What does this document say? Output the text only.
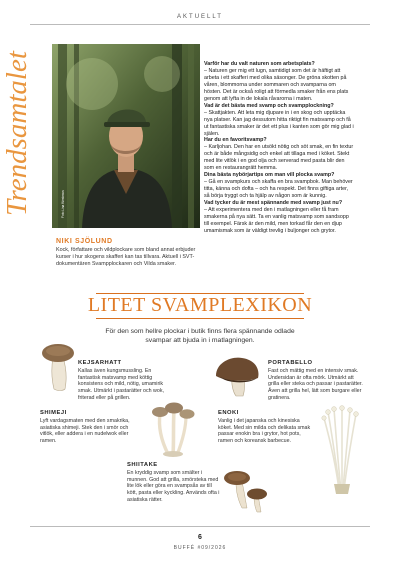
AKTUELLT
Trendsamtalet	Foto Lina Westman
NIKI SJÖLUND
Kock, författare och vildplockare som bland annat erbjuder kurser i hur skogens skafferi kan tas tillvara. Aktuell i SVT-dokumentären Svampplockaren och Vilda smaker.

Varför har du valt naturen som arbetsplats?

– Naturen ger mig ett lugn, samtidigt som det är häftigt att arbeta i ett skafferi med olika säsonger. De gröna skotten på våren, blommorna under sommaren och svamparna om hösten. Det är också roligt att förmedla smaker från ens plats genom att lyfta in de lokala råvarorna i maten.

Vad är det bästa med svamp och svampplockning?

– Skattjakten. Att leta mig djupare in i en skog och upptäcka nya platser. Kan jag dessutom hitta riktigt fin matsvamp och få ut fantastiska smaker är det ett plus i kanten som gör mig glad i själen.

Har du en favoritsvamp?

– Karljohan. Den har en utsökt nötig och söt smak, en fin textur och är både mångsidig och enkel att tillaga med i köket. Stekt med lite vitlök i en god olja och serverad med pasta blir den som en restaurangrätt hemma.

Dina bästa nybörjartips om man vill plocka svamp?

– Gå en svampkurs och skaffa en bra svampbok. Man behöver titta, känna och dofta – och ha respekt. Det finns giftiga arter, så börja tryggt och ta hjälp av någon som är kunnig.

Vad tycker du är mest spännande med svamp just nu?

– Att experimentera med den i matlagningen eller få fram smakerna på nya sätt. Ta en vanlig matsvamp som sandsopp till exempel. Färsk är den mild, men torkad får den en djup umamismak som är väldigt trevlig i buljonger och grytor.

LITET SVAMPLEXIKON
För den som hellre plockar i butik finns flera spännande odlade svampar att bjuda in i matlagningen.
KEJSARHATT
Kallas även kungsmussling. En fantastisk matsvamp med köttig konsistens och mild, nötig, umamirik smak. Utmärkt i pastarätter och wok, friterad eller på grillen.
PORTABELLO
Fast och mättig med en intensiv smak. Undersidan är ofta mörk. Utmärkt att grilla eller steka och passar i pastarätter. Även att grilla hel, lätt som burgare eller gratinera.
SHIMEJI
Lyft vardagsmaten med den smakrika, asiatiska shimeji. Stek den i smör och vitlök, eller addera i en nudelwok eller ramen.
ENOKI
Vanlig i det japanska och kinesiska köket. Med sin milda och delikata smak passar enokin bra i grytor, hot pots, ramen och koreansk barbecue.
SHIITAKE
En kryddig svamp som smälter i munnen. God att grilla, smörsteka med lite lök eller göra en svampsås av till kött, pasta eller kyckling. Används ofta i asiatiska rätter.
6
BUFFÉ #09/2026
